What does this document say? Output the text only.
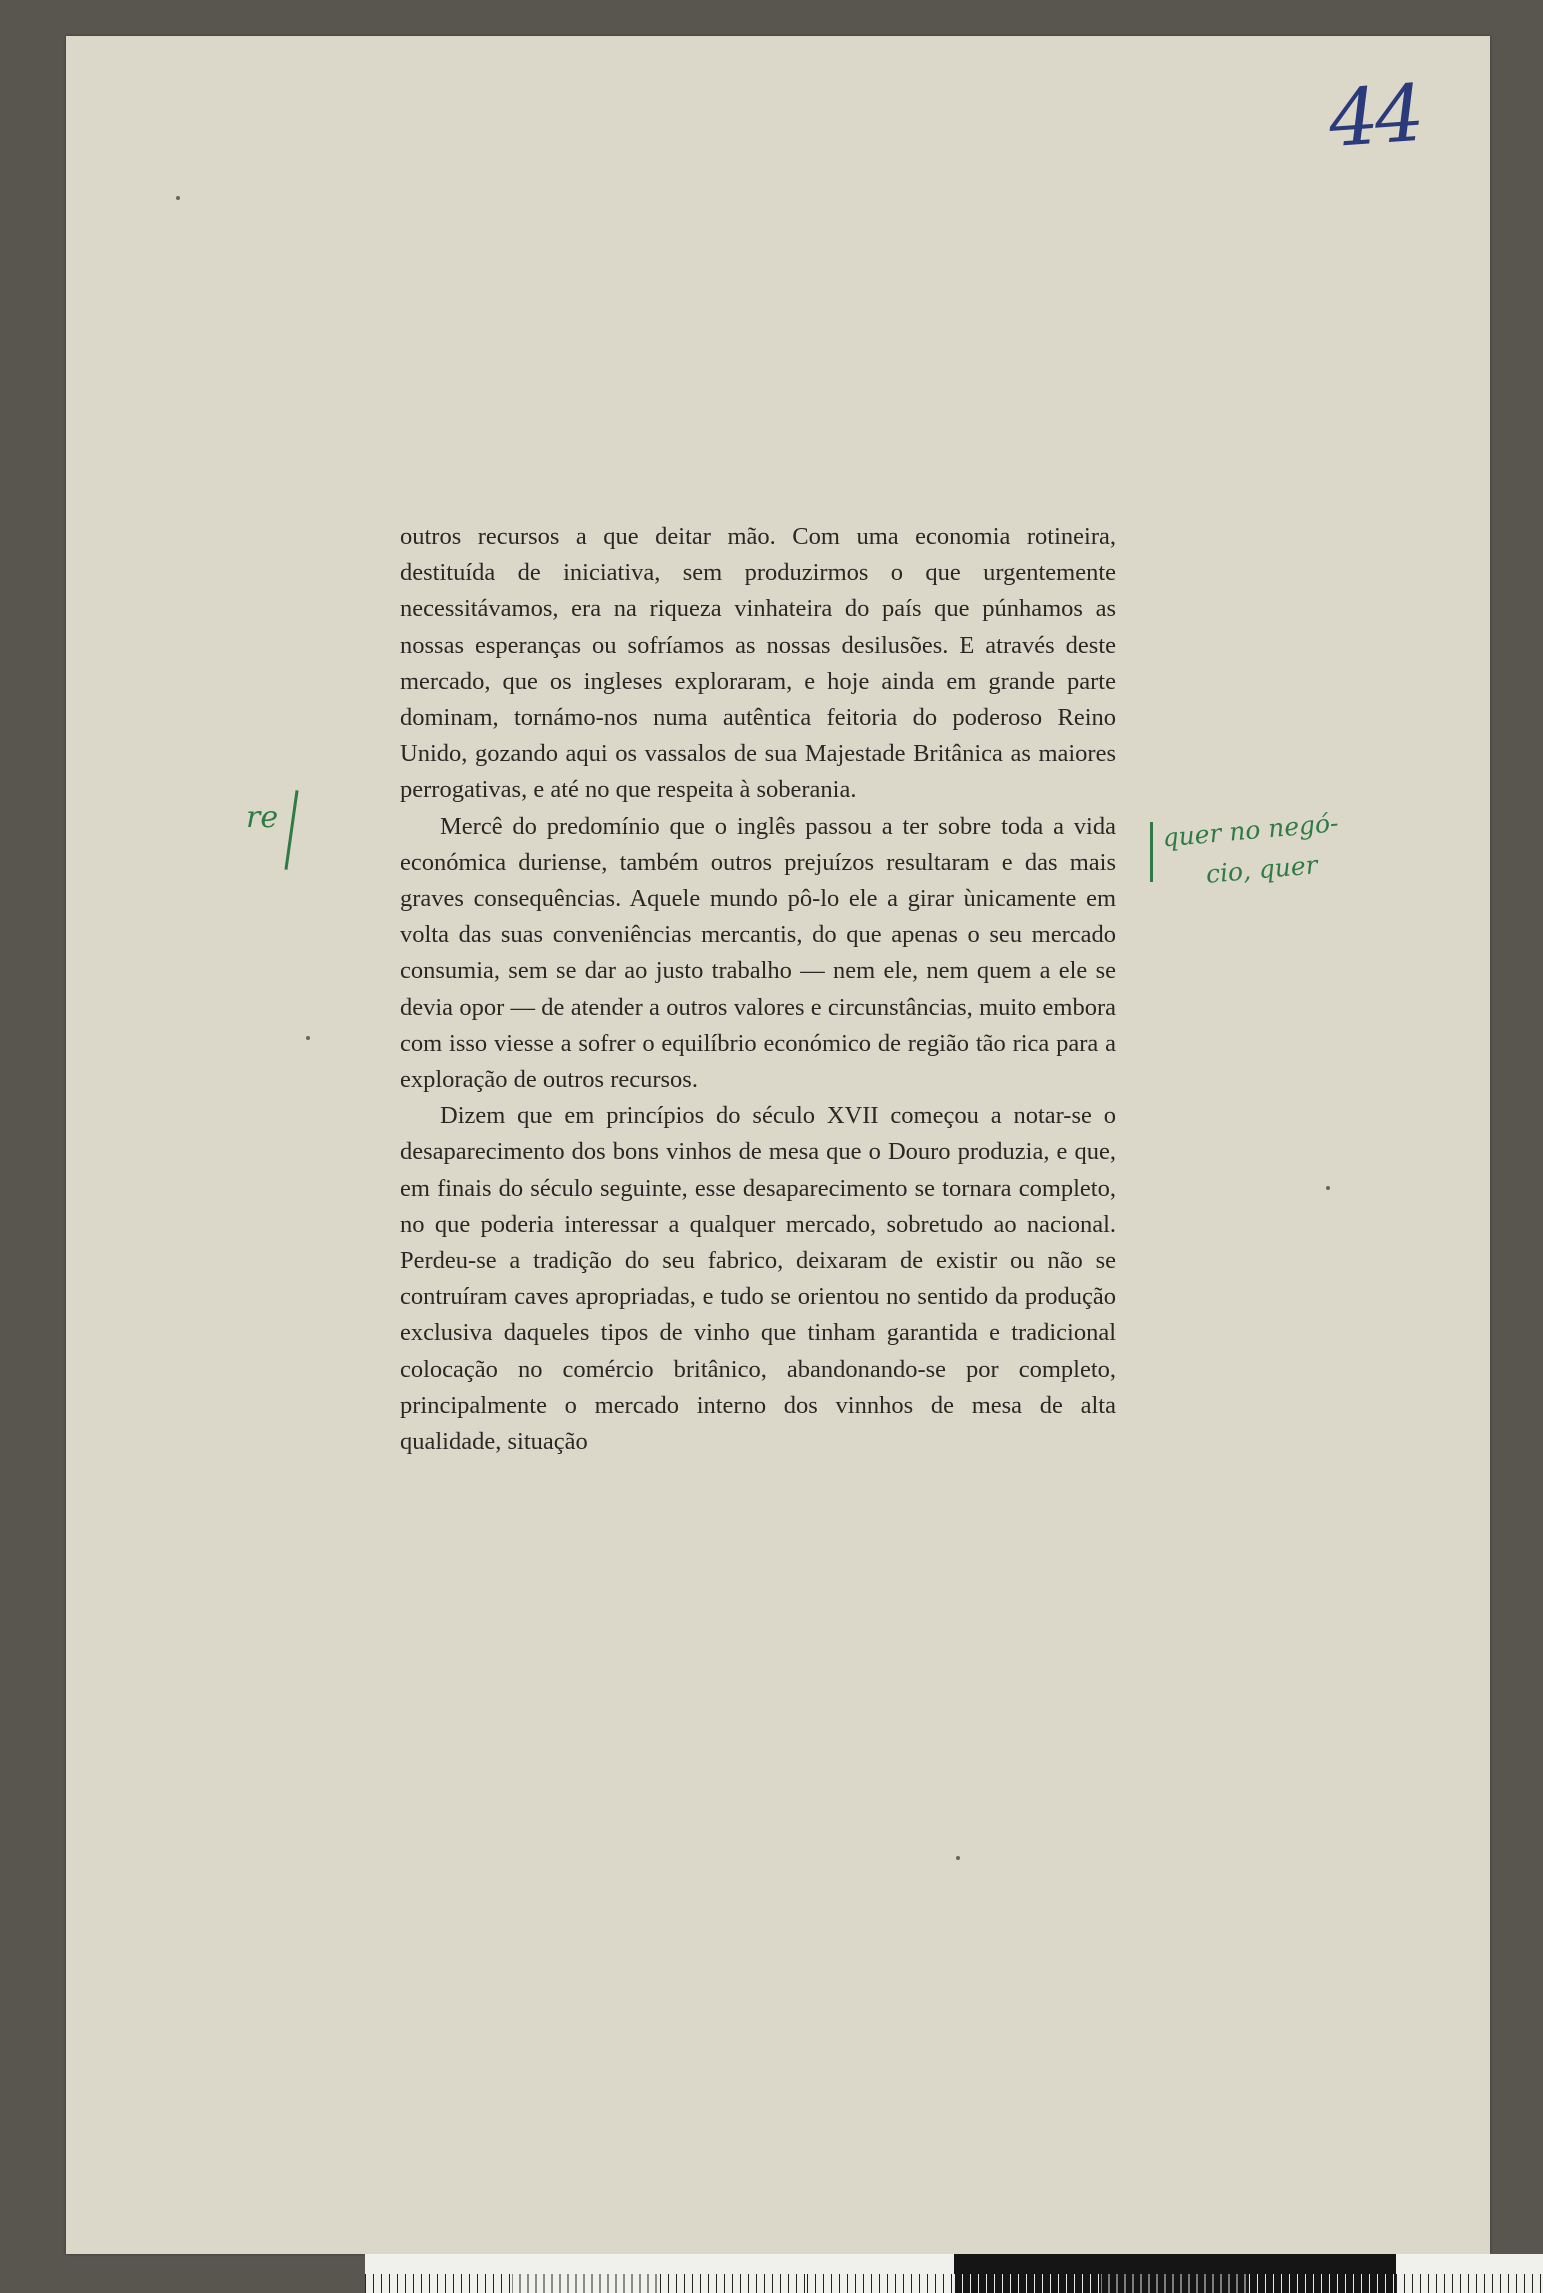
44
re	quer no negó-
cio, quer

outros recursos a que deitar mão. Com uma economia rotineira, destituída de iniciativa, sem produzirmos o que urgentemente necessitávamos, era na riqueza vinhateira do país que púnhamos as nossas esperanças ou sofríamos as nossas desilusões. E através deste mercado, que os ingleses exploraram, e hoje ainda em grande parte dominam, tornámo-nos numa autêntica feitoria do poderoso Reino Unido, gozando aqui os vassalos de sua Majestade Britânica as maiores perrogativas, e até no que respeita à soberania.

Mercê do predomínio que o inglês passou a ter sobre toda a vida económica duriense, também outros prejuízos resultaram e das mais graves consequências. Aquele mundo pô-lo ele a girar ùnicamente em volta das suas conveniências mercantis, do que apenas o seu mercado consumia, sem se dar ao justo trabalho — nem ele, nem quem a ele se devia opor — de atender a outros valores e circunstâncias, muito embora com isso viesse a sofrer o equilíbrio económico de região tão rica para a exploração de outros recursos.

Dizem que em princípios do século XVII começou a notar-se o desaparecimento dos bons vinhos de mesa que o Douro produzia, e que, em finais do século seguinte, esse desaparecimento se tornara completo, no que poderia interessar a qualquer mercado, sobretudo ao nacional. Perdeu-se a tradição do seu fabrico, deixaram de existir ou não se contruíram caves apropriadas, e tudo se orientou no sentido da produção exclusiva daqueles tipos de vinho que tinham garantida e tradicional colocação no comércio britânico, abandonando-se por completo, principalmente o mercado interno dos vinnhos de mesa de alta qualidade, situação
